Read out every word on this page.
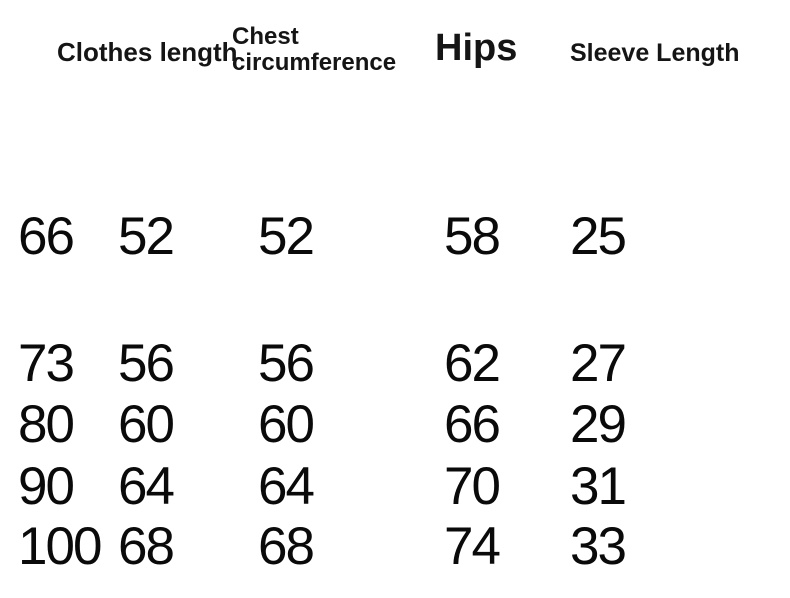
Clothes length
Chest circumference Hips Sleeve Length
66 52 52 58 25
73 56 56 62 27
80 60 60 66 29
90 64 64 70 31
100 68 68 74 33
